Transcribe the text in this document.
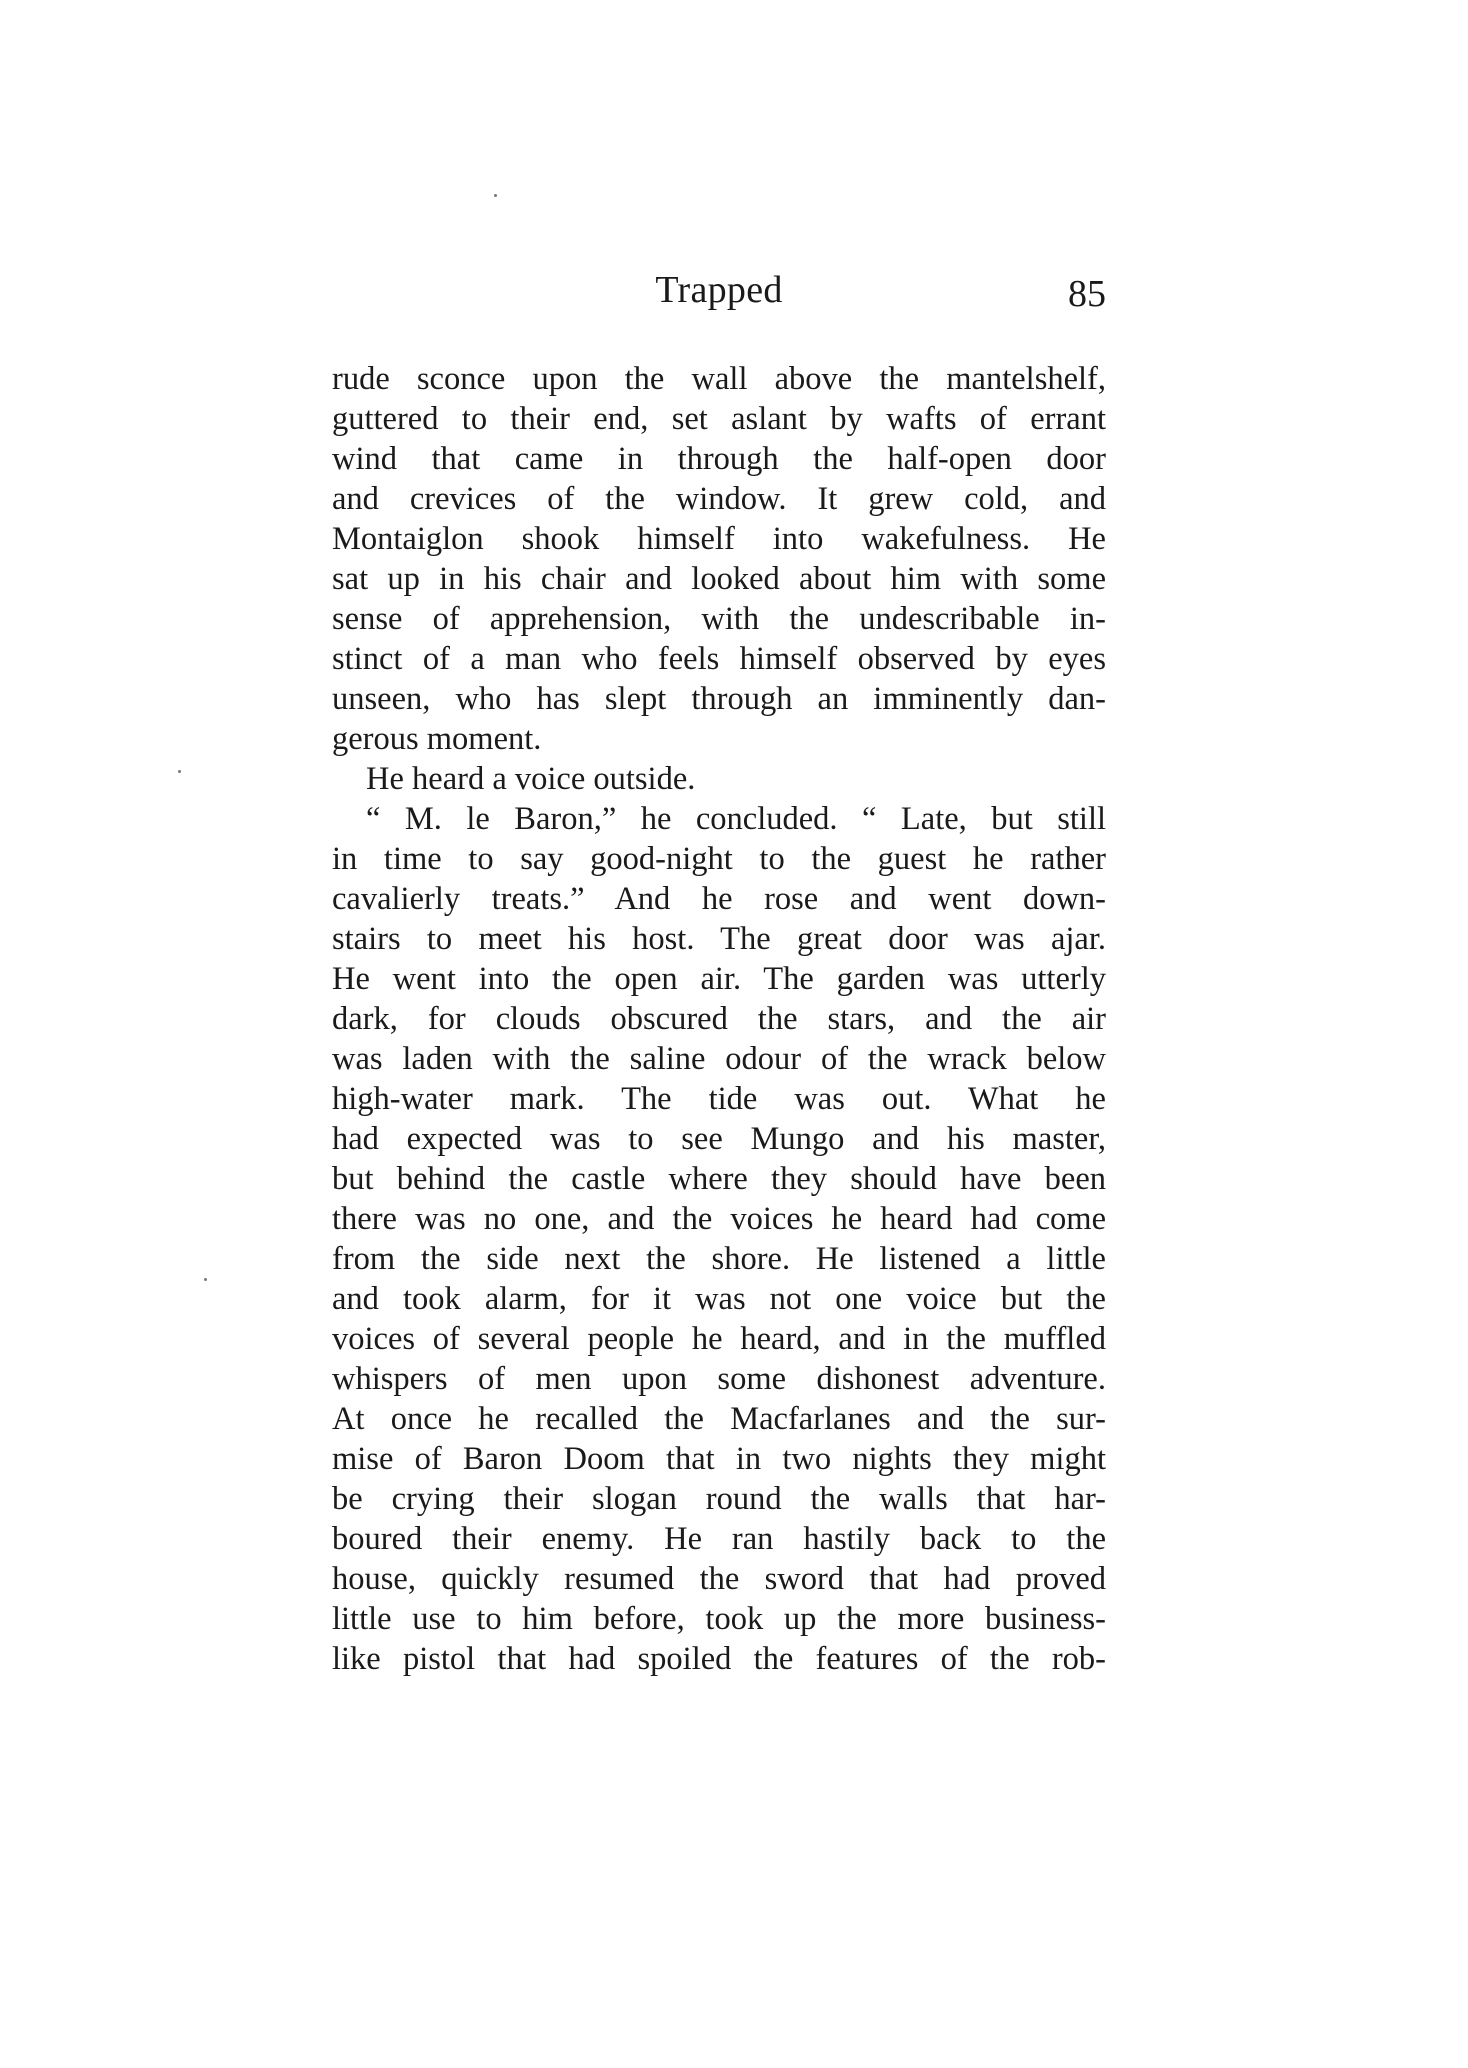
Trapped	85
rude sconce upon the wall above the mantelshelf,
guttered to their end, set aslant by wafts of errant
wind that came in through the half-open door
and crevices of the window. It grew cold, and
Montaiglon shook himself into wakefulness. He
sat up in his chair and looked about him with some
sense of apprehension, with the undescribable in-
stinct of a man who feels himself observed by eyes
unseen, who has slept through an imminently dan-
gerous moment.
He heard a voice outside.
“ M. le Baron,” he concluded. “ Late, but still
in time to say good-night to the guest he rather
cavalierly treats.” And he rose and went down-
stairs to meet his host. The great door was ajar.
He went into the open air. The garden was utterly
dark, for clouds obscured the stars, and the air
was laden with the saline odour of the wrack below
high-water mark. The tide was out. What he
had expected was to see Mungo and his master,
but behind the castle where they should have been
there was no one, and the voices he heard had come
from the side next the shore. He listened a little
and took alarm, for it was not one voice but the
voices of several people he heard, and in the muffled
whispers of men upon some dishonest adventure.
At once he recalled the Macfarlanes and the sur-
mise of Baron Doom that in two nights they might
be crying their slogan round the walls that har-
boured their enemy. He ran hastily back to the
house, quickly resumed the sword that had proved
little use to him before, took up the more business-
like pistol that had spoiled the features of the rob-
